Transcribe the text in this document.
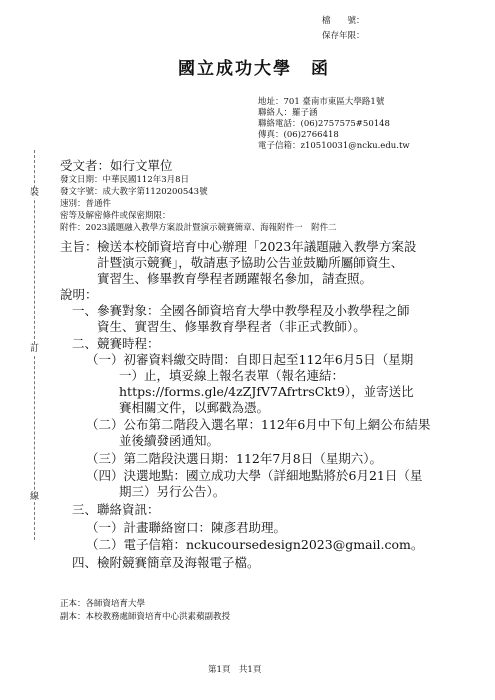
檔　　號：
保存年限：
國立成功大學　函
地址：701 臺南市東區大學路1號
聯絡人：羅子涵
聯絡電話：(06)2757575#50148
傳真：(06)2766418
電子信箱：z10510031@ncku.edu.tw
受文者：如行文單位
裝
訂
線
發文日期：中華民國112年3月8日
發文字號：成大教字第1120200543號
速別：普通件
密等及解密條件或保密期限：
附件：2023議題融入教學方案設計暨演示競賽簡章、海報附件一　附件二
主旨： 檢送本校師資培育中心辦理「2023年議題融入教學方案設
計暨演示競賽」，敬請惠予協助公告並鼓勵所屬師資生、
實習生、修畢教育學程者踴躍報名參加，請查照。
說明：
一、參賽對象：全國各師資培育大學中教學程及小教學程之師
資生、實習生、修畢教育學程者（非正式教師）。
二、競賽時程：
（一）初審資料繳交時間：自即日起至112年6月5日（星期
一）止，填妥線上報名表單（報名連結：
https://forms.gle/4zZJfV7AfrtrsCkt9），並寄送比
賽相關文件，以郵戳為憑。
（二）公布第二階段入選名單：112年6月中下旬上網公布結果
並後續發函通知。
（三）第二階段決選日期：112年7月8日（星期六）。
（四）決選地點：國立成功大學（詳細地點將於6月21日（星
期三）另行公告）。
三、聯絡資訊：
（一）計畫聯絡窗口：陳彥君助理。
（二）電子信箱：nckucoursedesign2023@gmail.com。
四、檢附競賽簡章及海報電子檔。
正本：各師資培育大學
副本：本校教務處師資培育中心洪素蘋副教授
第1頁　共1頁
